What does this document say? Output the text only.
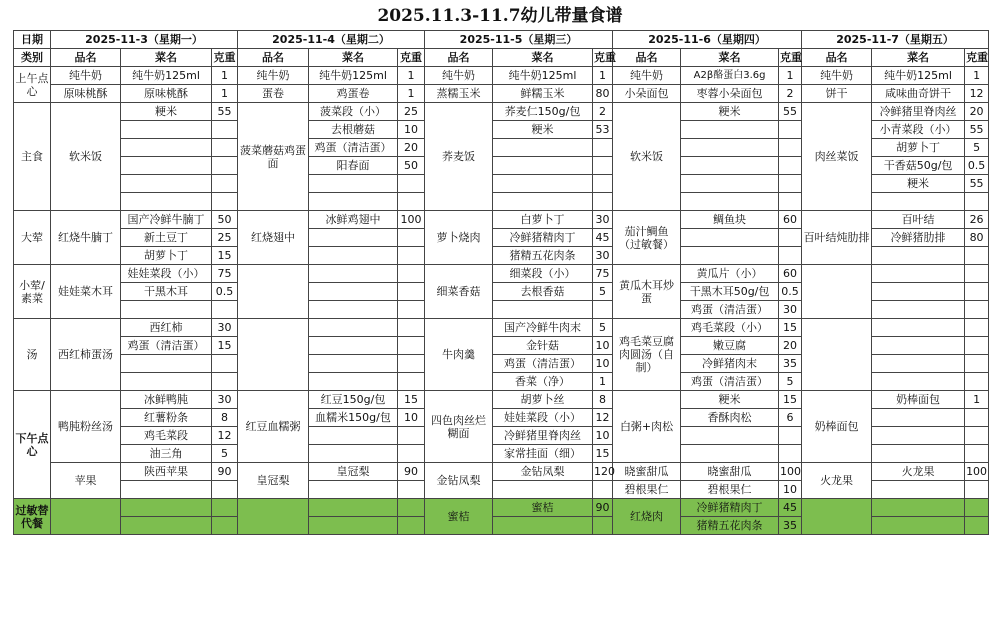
2025.11.3-11.7幼儿带量食谱
日期	2025-11-3（星期一）			2025-11-4（星期二）			2025-11-5（星期三）			2025-11-6（星期四）			2025-11-7（星期五）		
类别	品名	菜名	克重	品名	菜名	克重	品名	菜名	克重	品名	菜名	克重	品名	菜名	克重
上午点心	纯牛奶	纯牛奶125ml	1	纯牛奶	纯牛奶125ml	1	纯牛奶	纯牛奶125ml	1	纯牛奶	A2β酪蛋白3.6g	1	纯牛奶	纯牛奶125ml	1
	原味桃酥	原味桃酥	1	蛋卷	鸡蛋卷	1	蒸糯玉米	鲜糯玉米	80	小朵面包	枣蓉小朵面包	2	饼干	咸味曲奇饼干	12
主食	软米饭	粳米	55	菠菜蘑菇鸡蛋面	菠菜段（小）	25	荞麦饭	荞麦仁150g/包	2	软米饭	粳米	55	肉丝菜饭	冷鲜猪里脊肉丝	20
					去根蘑菇	10		粳米	53					小青菜段（小）	55
					鸡蛋（清洁蛋）	20								胡萝卜丁	5
					阳春面	50								干香菇50g/包	0.5
														粳米	55

大荤	红烧牛腩丁	国产冷鲜牛腩丁	50	红烧翅中	冰鲜鸡翅中	100	萝卜烧肉	白萝卜丁	30	茄汁鲷鱼（过敏餐）	鲷鱼块	60	百叶结炖肋排	百叶结	26
		新土豆丁	25					冷鲜猪精肉丁	45					冷鲜猪肋排	80
		胡萝卜丁	15					猪精五花肉条	30						
小荤/素菜	娃娃菜木耳	娃娃菜段（小）	75				细菜香菇	细菜段（小）	75	黄瓜木耳炒蛋	黄瓜片（小）	60			
		干黑木耳	0.5					去根香菇	5		干黑木耳50g/包	0.5			
											鸡蛋（清洁蛋）	30			
汤	西红柿蛋汤	西红柿	30				牛肉羹	国产冷鲜牛肉末	5	鸡毛菜豆腐肉圆汤（自制）	鸡毛菜段（小）	15			
		鸡蛋（清洁蛋）	15					金针菇	10		嫩豆腐	20			
								鸡蛋（清洁蛋）	10		冷鲜猪肉末	35			
								香菜（净）	1		鸡蛋（清洁蛋）	5			
下午点心	鸭肫粉丝汤	冰鲜鸭肫	30	红豆血糯粥	红豆150g/包	15	四色肉丝烂糊面	胡萝卜丝	8	白粥+肉松	粳米	15	奶棒面包	奶棒面包	1
		红薯粉条	8		血糯米150g/包	10		娃娃菜段（小）	12		香酥肉松	6			
		鸡毛菜段	12					冷鲜猪里脊肉丝	10						
		油三角	5					家常挂面（细）	15						
	苹果	陕西苹果	90	皇冠梨	皇冠梨	90	金钻凤梨	金钻凤梨	120	晓蜜甜瓜	晓蜜甜瓜	100	火龙果	火龙果	100
										碧根果仁	碧根果仁	10			
过敏替代餐							蜜桔	蜜桔	90	红烧肉	冷鲜猪精肉丁	45			
											猪精五花肉条	35			
